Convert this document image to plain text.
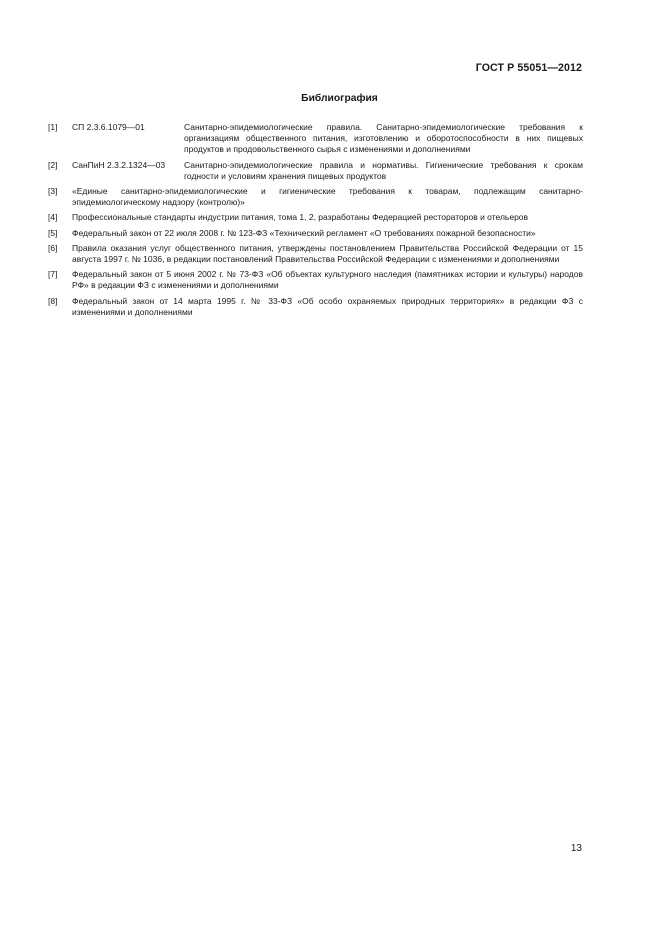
ГОСТ Р 55051—2012
Библиография
[1]	СП 2.3.6.1079—01	Санитарно-эпидемиологические правила. Санитарно-эпидемиологические требования к организациям общественного питания, изготовлению и оборотоспособности в них пищевых продуктов и продовольственного сырья с изменениями и дополнениями
[2]	СанПиН 2.3.2.1324—03	Санитарно-эпидемиологические правила и нормативы. Гигиенические требования к срокам годности и условиям хранения пищевых продуктов
[3]	«Единые санитарно-эпидемиологические и гигиенические требования к товарам, подлежащим санитарно-эпидемиологическому надзору (контролю)»
[4]	Профессиональные стандарты индустрии питания, тома 1, 2, разработаны Федерацией рестораторов и отельеров
[5]	Федеральный закон от 22 июля 2008 г. № 123-ФЗ «Технический регламент «О требованиях пожарной безопасности»
[6]	Правила оказания услуг общественного питания, утверждены постановлением Правительства Российской Федерации от 15 августа 1997 г. № 1036, в редакции постановлений Правительства Российской Федерации с изменениями и дополнениями
[7]	Федеральный закон от 5 июня 2002 г. № 73-ФЗ «Об объектах культурного наследия (памятниках истории и культуры) народов РФ» в редакции ФЗ с изменениями и дополнениями
[8]	Федеральный закон от 14 марта 1995 г. № 33-ФЗ «Об особо охраняемых природных территориях» в редакции ФЗ с изменениями и дополнениями
13
